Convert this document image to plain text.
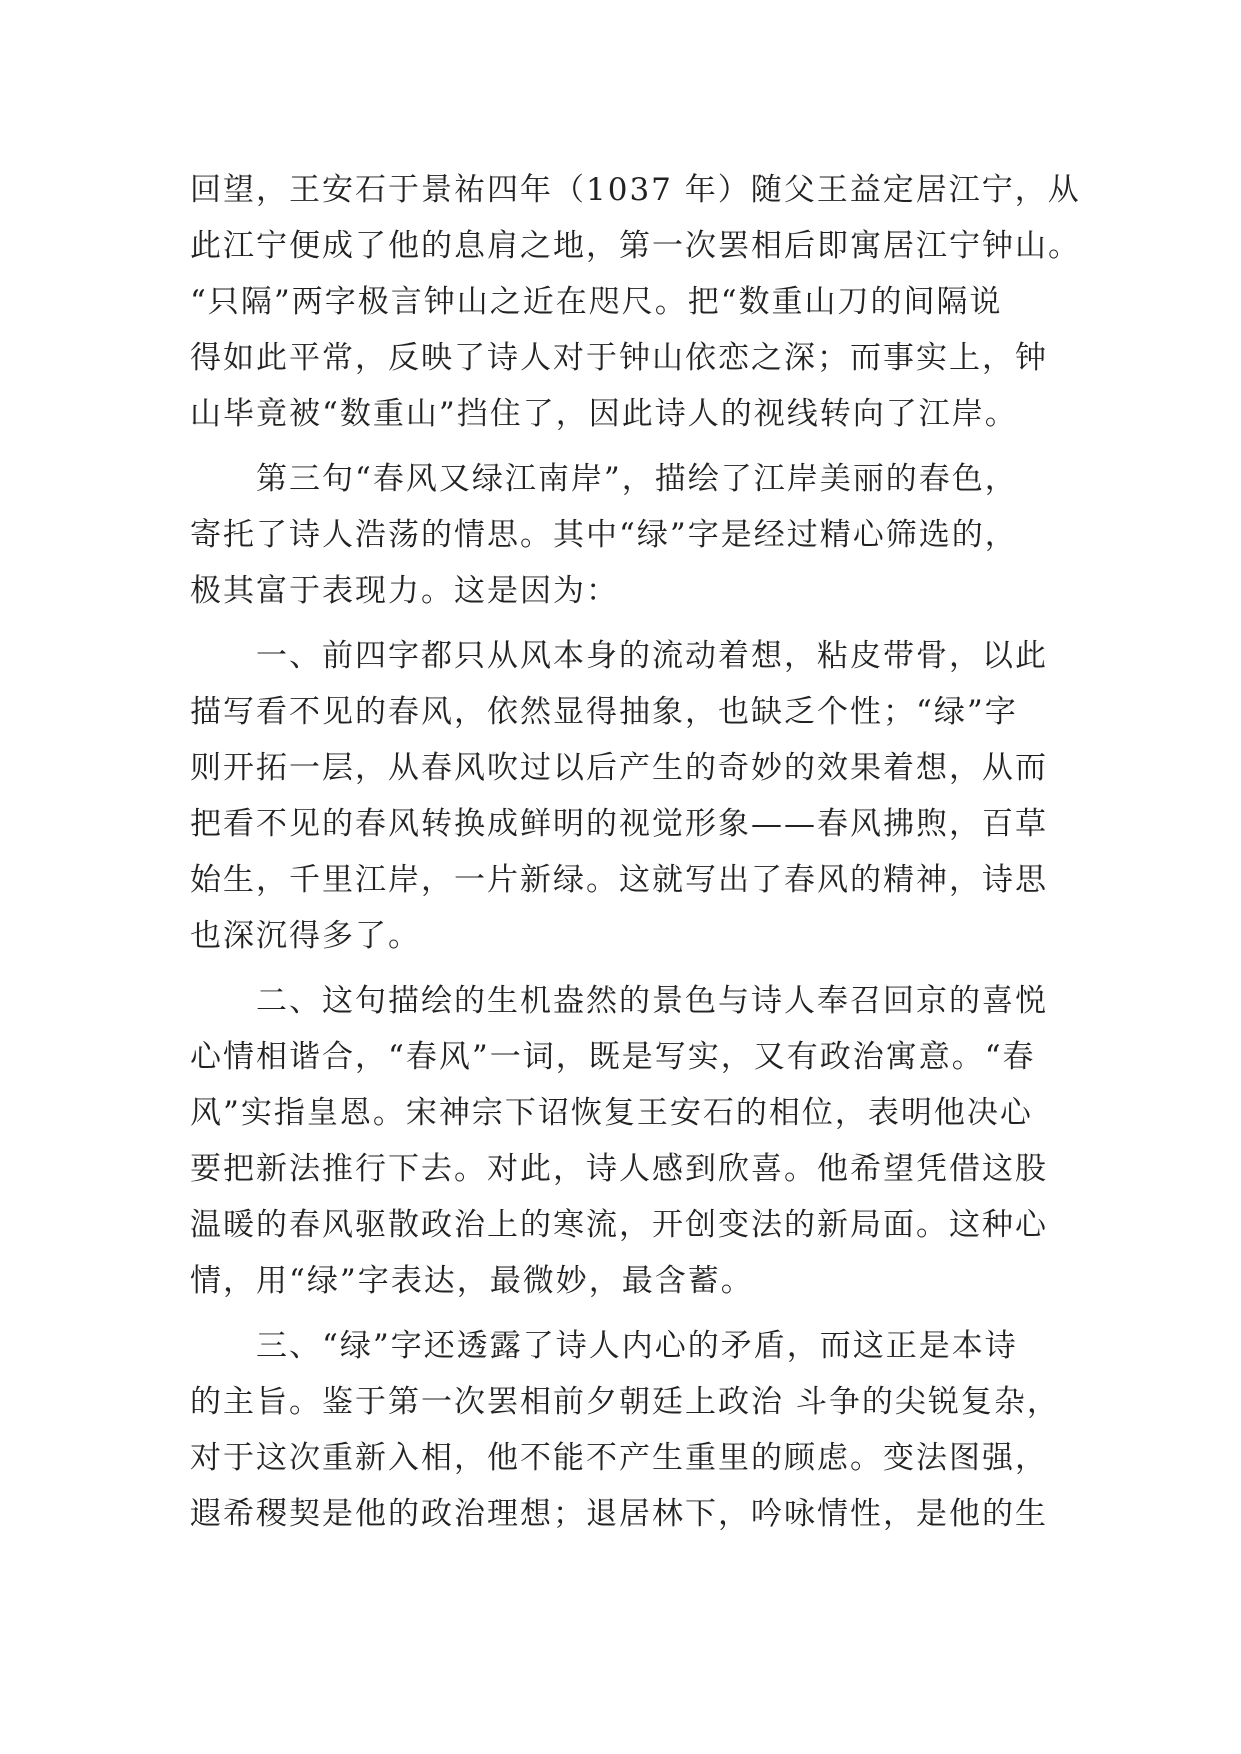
回望，王安石于景祐四年（1037 年）随父王益定居江宁，从
此江宁便成了他的息肩之地，第一次罢相后即寓居江宁钟山。
“只隔”两字极言钟山之近在咫尺。把“数重山刀的间隔说
得如此平常，反映了诗人对于钟山依恋之深；而事实上，钟
山毕竟被“数重山”挡住了，因此诗人的视线转向了江岸。
第三句“春风又绿江南岸”，描绘了江岸美丽的春色，
寄托了诗人浩荡的情思。其中“绿”字是经过精心筛选的，
极其富于表现力。这是因为：
一、前四字都只从风本身的流动着想，粘皮带骨，以此
描写看不见的春风，依然显得抽象，也缺乏个性；“绿”字
则开拓一层，从春风吹过以后产生的奇妙的效果着想，从而
把看不见的春风转换成鲜明的视觉形象——春风拂煦，百草
始生，千里江岸，一片新绿。这就写出了春风的精神，诗思
也深沉得多了。
二、这句描绘的生机盎然的景色与诗人奉召回京的喜悦
心情相谐合，“春风”一词，既是写实，又有政治寓意。“春
风”实指皇恩。宋神宗下诏恢复王安石的相位，表明他决心
要把新法推行下去。对此，诗人感到欣喜。他希望凭借这股
温暖的春风驱散政治上的寒流，开创变法的新局面。这种心
情，用“绿”字表达，最微妙，最含蓄。
三、“绿”字还透露了诗人内心的矛盾，而这正是本诗
的主旨。鉴于第一次罢相前夕朝廷上政治 斗争的尖锐复杂，
对于这次重新入相，他不能不产生重里的顾虑。变法图强，
遐希稷契是他的政治理想；退居林下，吟咏情性，是他的生
